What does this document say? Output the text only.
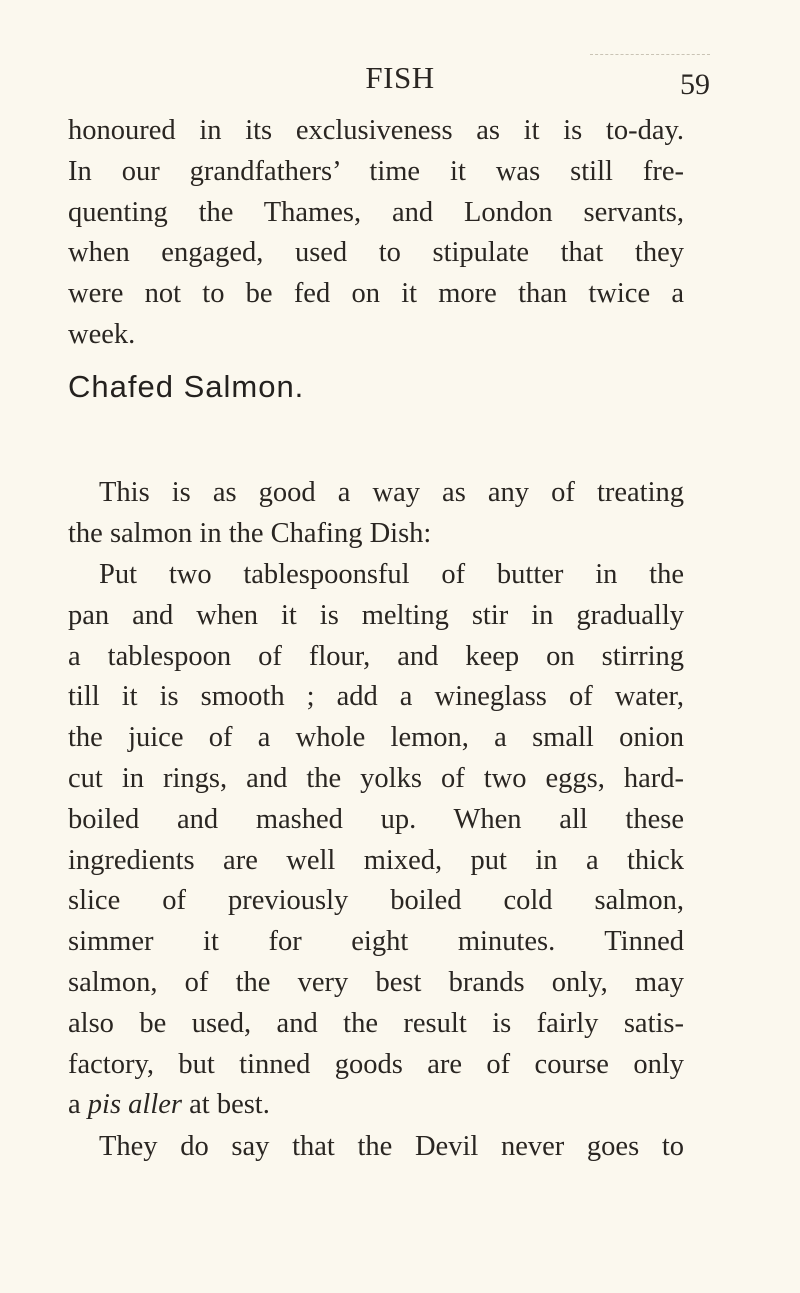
FISH	59
honoured in its exclusiveness as it is to-day.
In our grandfathers’ time it was still fre-
quenting the Thames, and London servants,
when engaged, used to stipulate that they
were not to be fed on it more than twice a
week.
Chafed Salmon.
This is as good a way as any of treating
the salmon in the Chafing Dish:
Put two tablespoonsful of butter in the
pan and when it is melting stir in gradually
a tablespoon of flour, and keep on stirring
till it is smooth ; add a wineglass of water,
the juice of a whole lemon, a small onion
cut in rings, and the yolks of two eggs, hard-
boiled and mashed up. When all these
ingredients are well mixed, put in a thick
slice of previously boiled cold salmon,
simmer it for eight minutes. Tinned
salmon, of the very best brands only, may
also be used, and the result is fairly satis-
factory, but tinned goods are of course only
a pis aller at best.
They do say that the Devil never goes to
